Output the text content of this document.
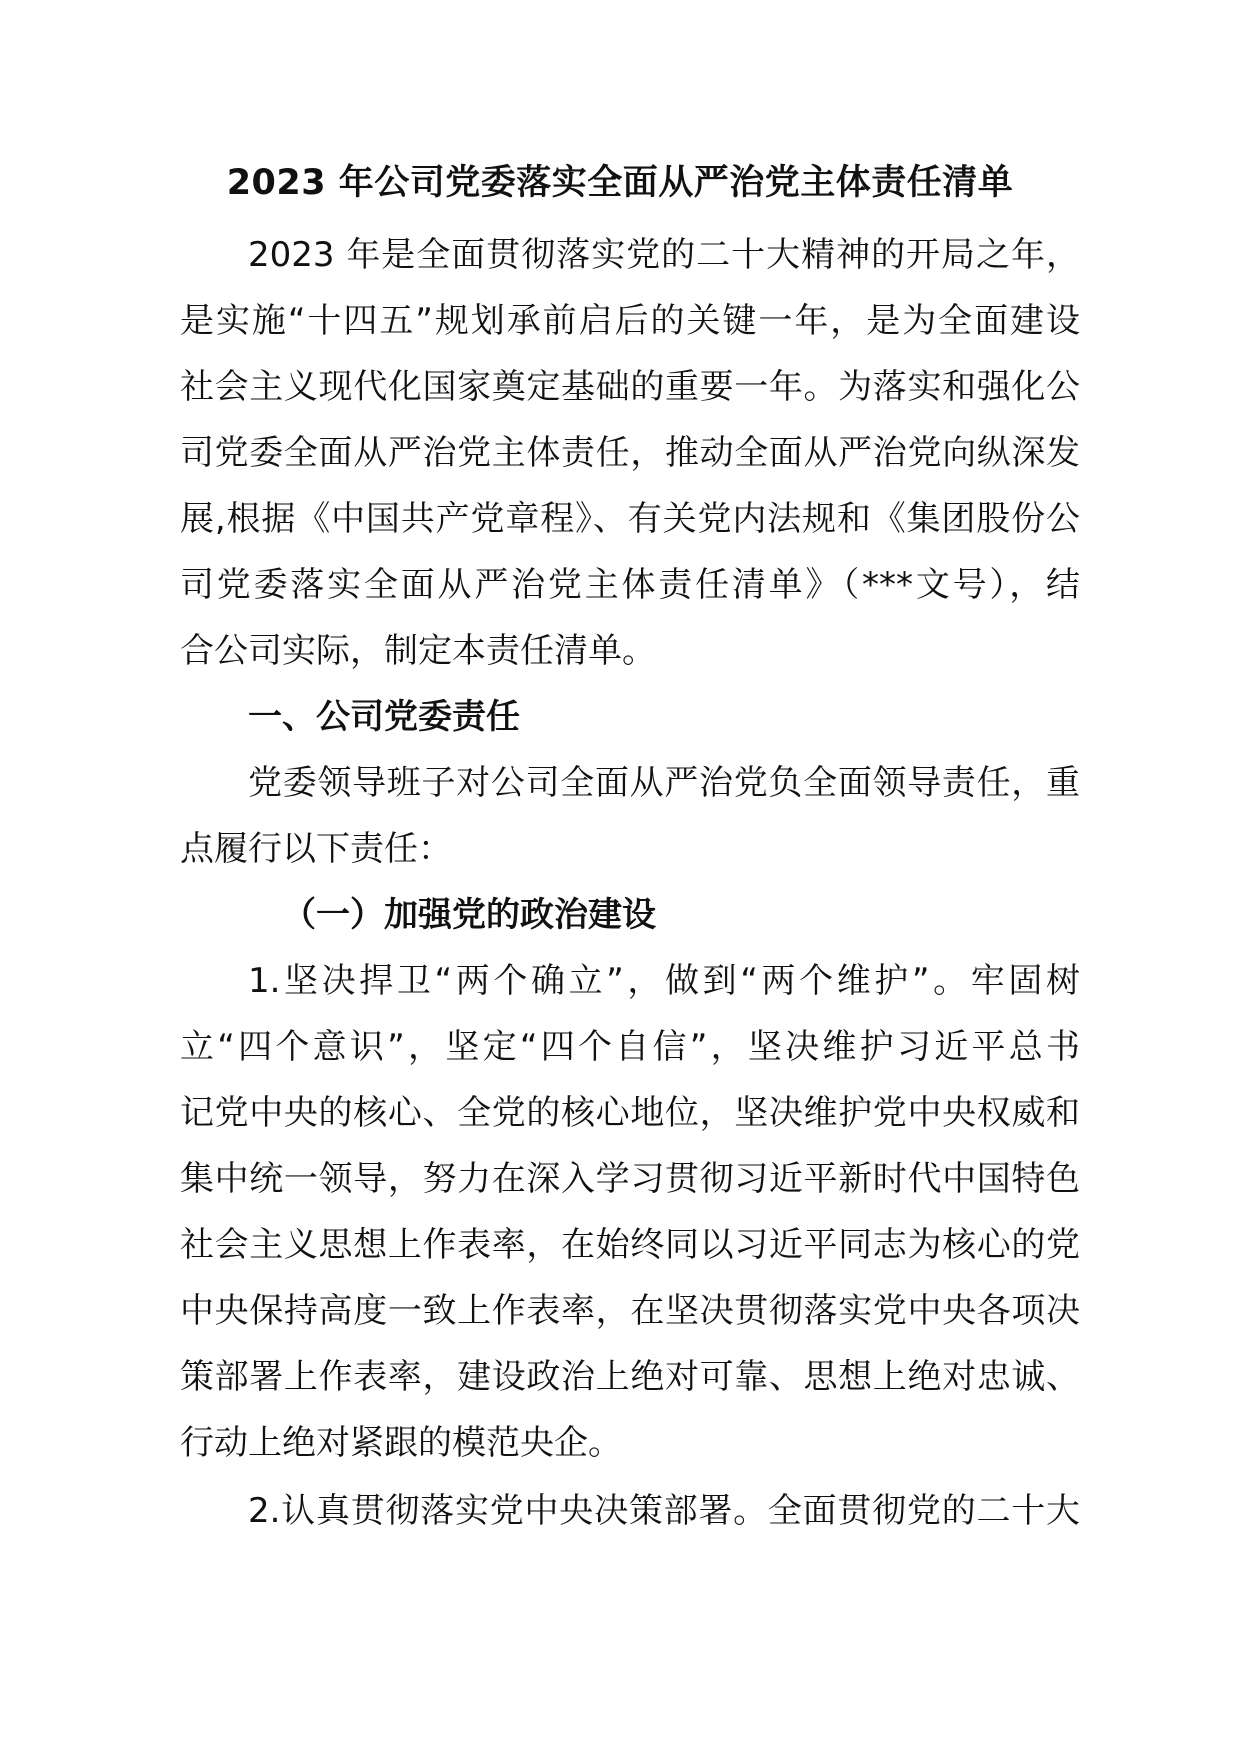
2023 年公司党委落实全面从严治党主体责任清单
2023 年是全面贯彻落实党的二十大精神的开局之年，
是实施“十四五”规划承前启后的关键一年，是为全面建设
社会主义现代化国家奠定基础的重要一年。为落实和强化公
司党委全面从严治党主体责任，推动全面从严治党向纵深发
展,根据《中国共产党章程》、有关党内法规和《集团股份公
司党委落实全面从严治党主体责任清单》（***文号），结
合公司实际，制定本责任清单。
一、公司党委责任
党委领导班子对公司全面从严治党负全面领导责任，重
点履行以下责任：
（一）加强党的政治建设
1.坚决捍卫“两个确立”，做到“两个维护”。牢固树
立“四个意识”，坚定“四个自信”，坚决维护习近平总书
记党中央的核心、全党的核心地位，坚决维护党中央权威和
集中统一领导，努力在深入学习贯彻习近平新时代中国特色
社会主义思想上作表率，在始终同以习近平同志为核心的党
中央保持高度一致上作表率，在坚决贯彻落实党中央各项决
策部署上作表率，建设政治上绝对可靠、思想上绝对忠诚、
行动上绝对紧跟的模范央企。
2.认真贯彻落实党中央决策部署。全面贯彻党的二十大
